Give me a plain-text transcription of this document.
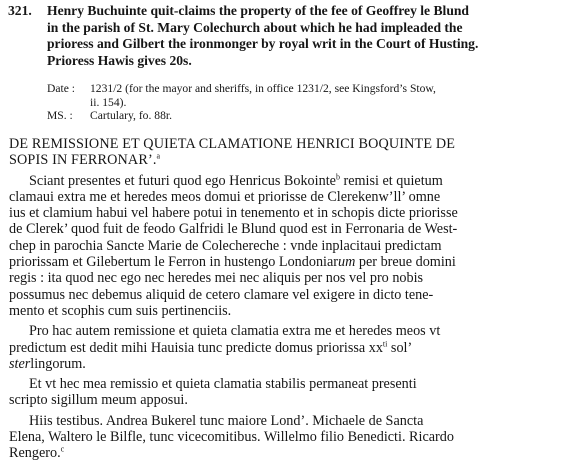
321. Henry Buchuinte quit-claims the property of the fee of Geoffrey le Blund
in the parish of St. Mary Colechurch about which he had impleaded the
prioress and Gilbert the ironmonger by royal writ in the Court of Husting.
Prioress Hawis gives 20s.
Date : 1231/2 (for the mayor and sheriffs, in office 1231/2, see Kingsford’s Stow,
ii. 154).
MS. : Cartulary, fo. 88r.
DE REMISSIONE ET QUIETA CLAMATIONE HENRICI BOQUINTE DE
SOPIS IN FERRONAR’.$^a$
Sciant presentes et futuri quod ego Henricus Bokointe$^b$ remisi et quietum
clamaui extra me et heredes meos domui et priorisse de Clerekenw’ll’ omne
ius et clamium habui vel habere potui in tenemento et in schopis dicte priorisse
de Clerek’ quod fuit de feodo Galfridi le Blund quod est in Ferronaria de West-
chep in parochia Sancte Marie de Colechereche : vnde inplacitaui predictam
priorissam et Gilebertum le Ferron in hustengo Londoniarum per breue domini
regis : ita quod nec ego nec heredes mei nec aliquis per nos vel pro nobis
possumus nec debemus aliquid de cetero clamare vel exigere in dicto tene-
mento et scophis cum suis pertinenciis.
Pro hac autem remissione et quieta clamatia extra me et heredes meos vt
predictum est dedit mihi Hauisia tunc predicte domus priorissa $xx^{ti}$ sol’
sterlingorum.
Et vt hec mea remissio et quieta clamatia stabilis permaneat presenti
scripto sigillum meum apposui.
Hiis testibus. Andrea Bukerel tunc maiore Lond’. Michaele de Sancta
Elena, Waltero le Bilfle, tunc vicecomitibus. Willelmo filio Benedicti. Ricardo
Rengero.$^c$
